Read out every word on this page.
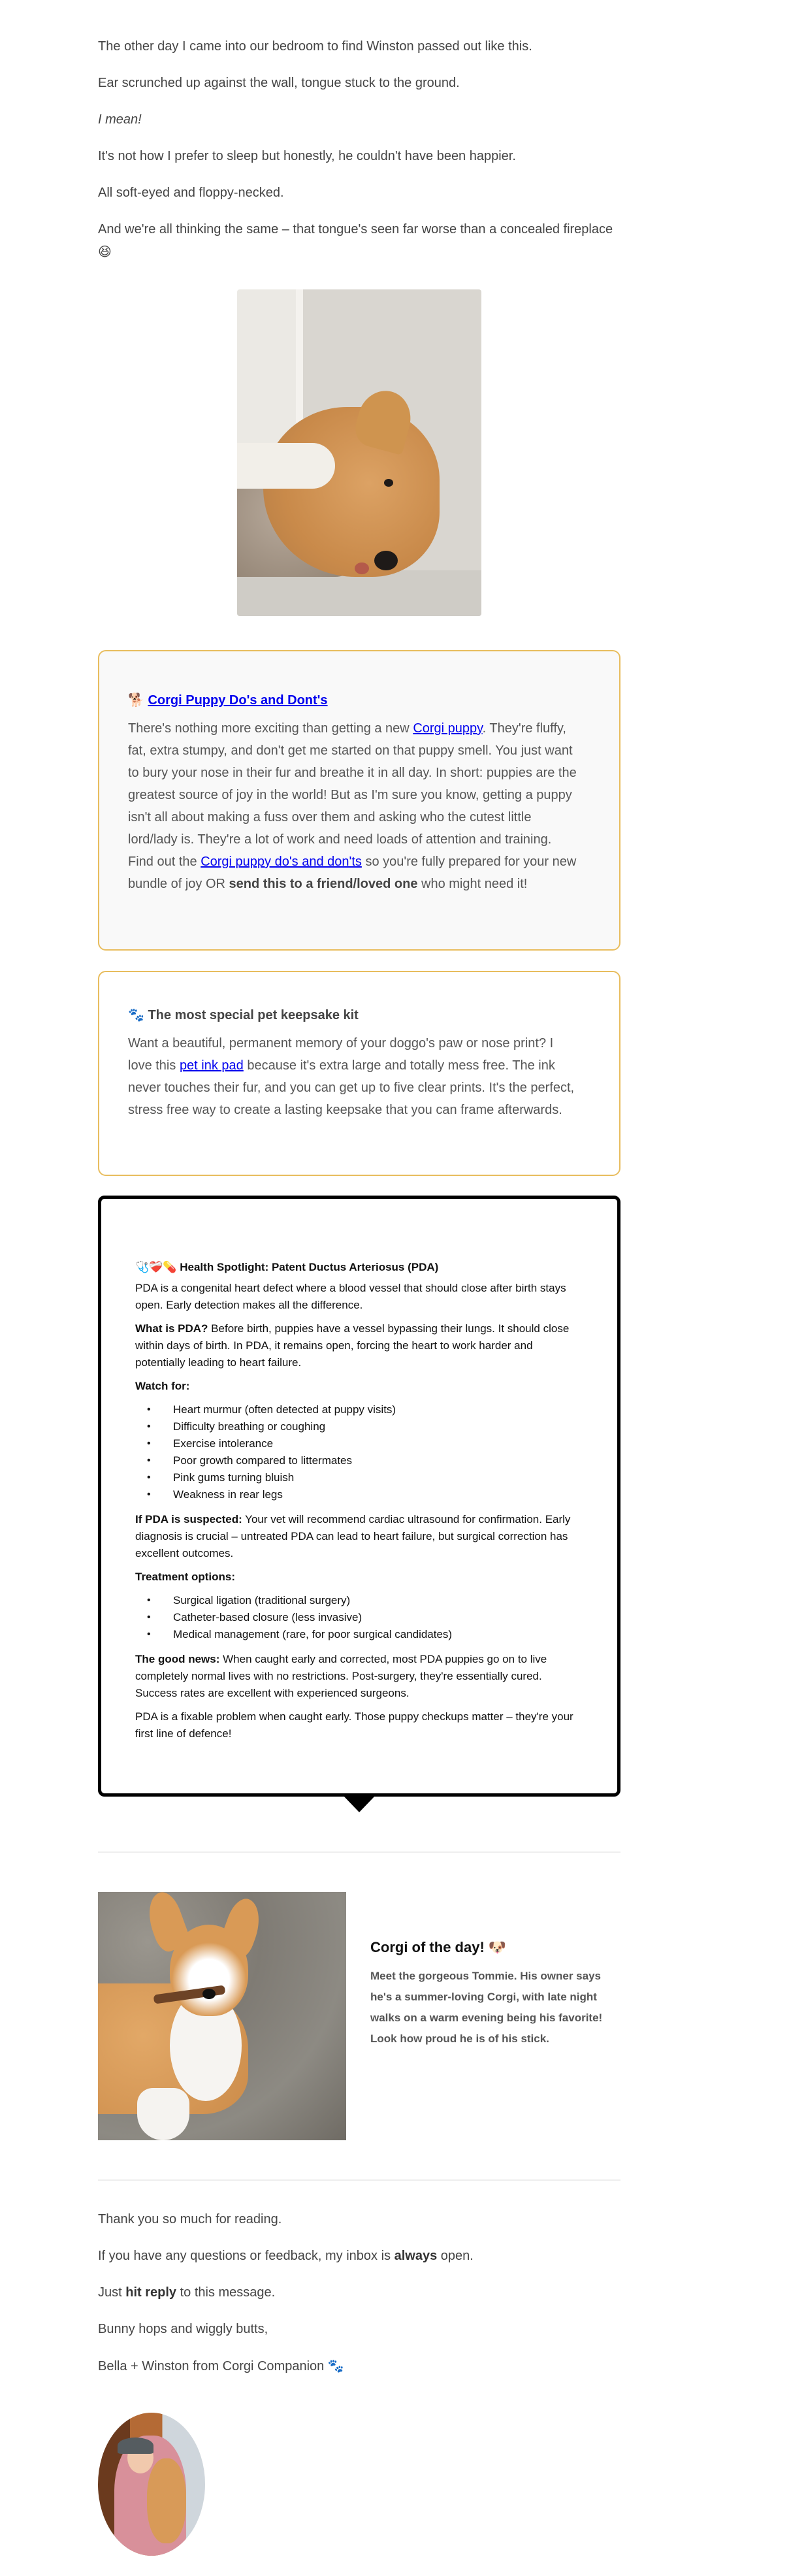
The other day I came into our bedroom to find Winston passed out like this.

Ear scrunched up against the wall, tongue stuck to the ground.

I mean!

It's not how I prefer to sleep but honestly, he couldn't have been happier.

All soft-eyed and floppy-necked.

And we're all thinking the same – that tongue's seen far worse than a concealed fireplace 😆

🐕 Corgi Puppy Do's and Dont's

There's nothing more exciting than getting a new Corgi puppy. They're fluffy, fat, extra stumpy, and don't get me started on that puppy smell. You just want to bury your nose in their fur and breathe it in all day. In short: puppies are the greatest source of joy in the world! But as I'm sure you know, getting a puppy isn't all about making a fuss over them and asking who the cutest little lord/lady is. They're a lot of work and need loads of attention and training. Find out the Corgi puppy do's and don'ts so you're fully prepared for your new bundle of joy OR send this to a friend/loved one who might need it!

🐾 The most special pet keepsake kit

Want a beautiful, permanent memory of your doggo's paw or nose print? I love this pet ink pad because it's extra large and totally mess free. The ink never touches their fur, and you can get up to five clear prints. It's the perfect, stress free way to create a lasting keepsake that you can frame afterwards.

🩺❤️‍🩹💊 Health Spotlight: Patent Ductus Arteriosus (PDA)

PDA is a congenital heart defect where a blood vessel that should close after birth stays open. Early detection makes all the difference.

What is PDA? Before birth, puppies have a vessel bypassing their lungs. It should close within days of birth. In PDA, it remains open, forcing the heart to work harder and potentially leading to heart failure.

Watch for:

• Heart murmur (often detected at puppy visits)
• Difficulty breathing or coughing
• Exercise intolerance
• Poor growth compared to littermates
• Pink gums turning bluish
• Weakness in rear legs

If PDA is suspected: Your vet will recommend cardiac ultrasound for confirmation. Early diagnosis is crucial – untreated PDA can lead to heart failure, but surgical correction has excellent outcomes.

Treatment options:

• Surgical ligation (traditional surgery)
• Catheter-based closure (less invasive)
• Medical management (rare, for poor surgical candidates)

The good news: When caught early and corrected, most PDA puppies go on to live completely normal lives with no restrictions. Post-surgery, they're essentially cured. Success rates are excellent with experienced surgeons.

PDA is a fixable problem when caught early. Those puppy checkups matter – they're your first line of defence!

Corgi of the day! 🐶

Meet the gorgeous Tommie. His owner says he's a summer-loving Corgi, with late night walks on a warm evening being his favorite! Look how proud he is of his stick.

Thank you so much for reading.

If you have any questions or feedback, my inbox is always open.

Just hit reply to this message.

Bunny hops and wiggly butts,

Bella + Winston from Corgi Companion 🐾
